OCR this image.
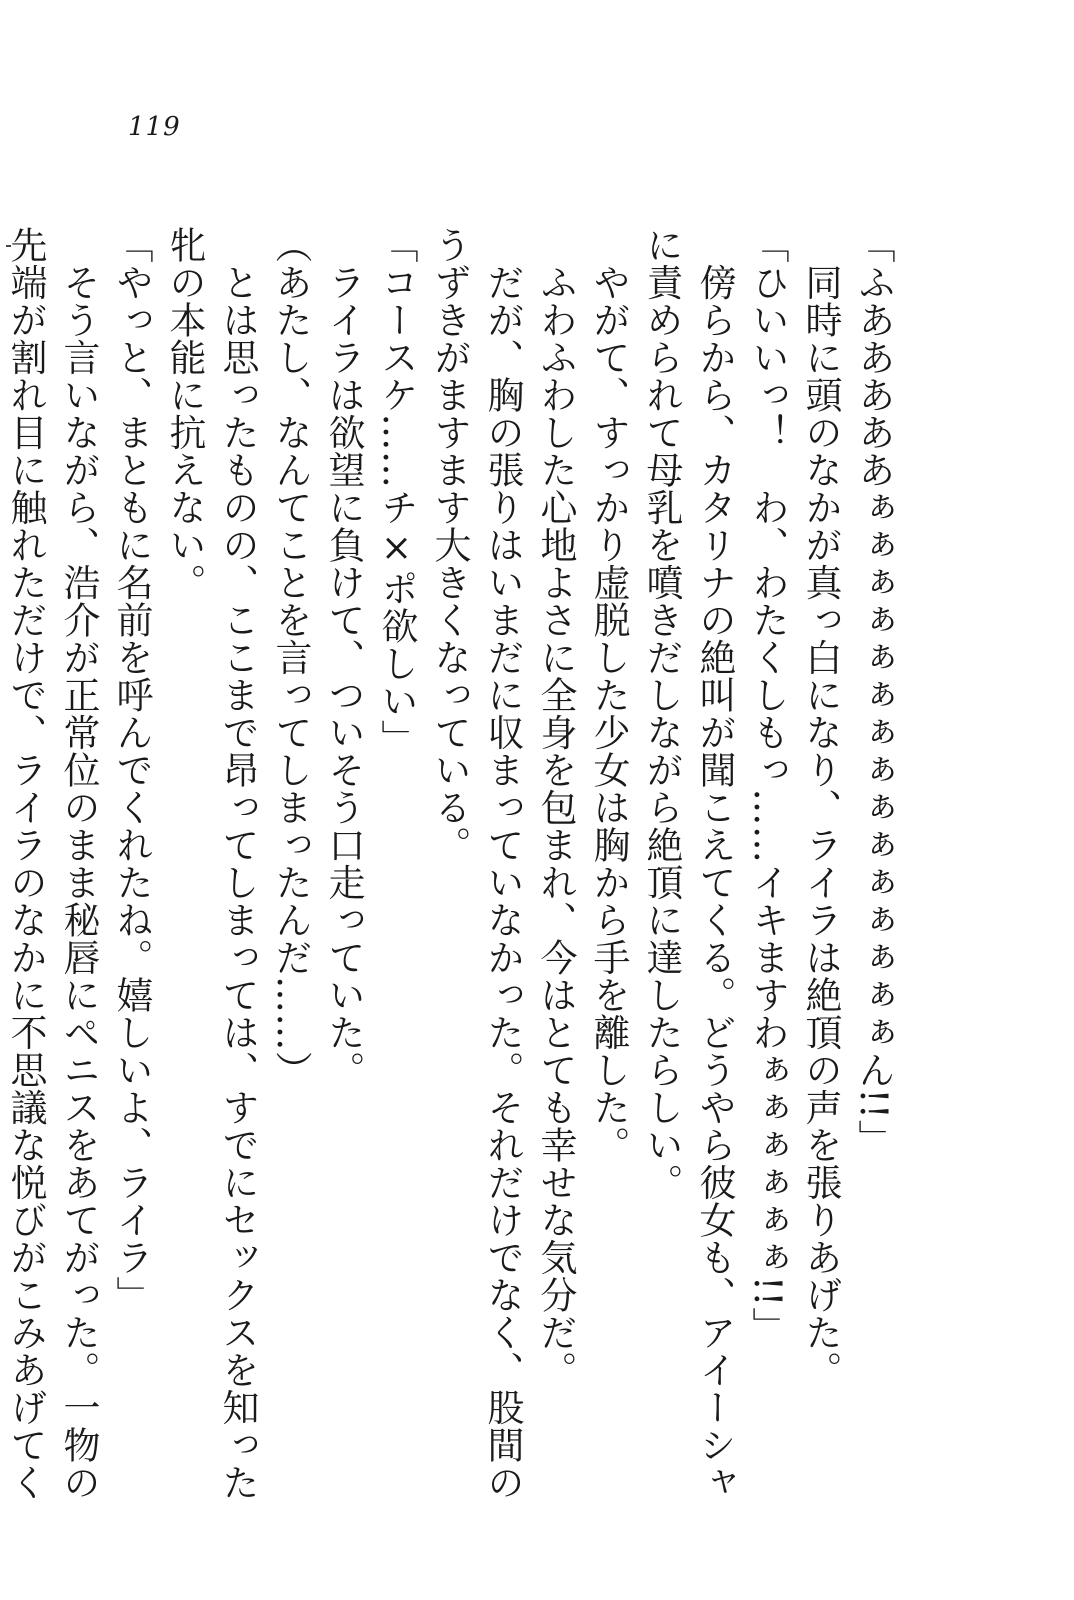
119

「ふあああああぁぁぁぁぁぁぁぁぁぁぁぁぁぁぁん!!」

　同時に頭のなかが真っ白になり、ライラは絶頂の声を張りあげた。

「ひいいっ！　わ、わたくしもっ……イキますわぁぁぁぁぁぁ!!」

　傍らから、カタリナの絶叫が聞こえてくる。どうやら彼女も、アイーシャに責められて母乳を噴きだしながら絶頂に達したらしい。

　やがて、すっかり虚脱した少女は胸から手を離した。

　ふわふわした心地よさに全身を包まれ、今はとても幸せな気分だ。

　だが、胸の張りはいまだに収まっていなかった。それだけでなく、股間のうずきがますます大きくなっている。

「コースケ……チ×ポ欲しい」

　ライラは欲望に負けて、ついそう口走っていた。

（あたし、なんてことを言ってしまったんだ……）

　とは思ったものの、ここまで昂ってしまっては、すでにセックスを知った牝の本能に抗えない。

「やっと、まともに名前を呼んでくれたね。嬉しいよ、ライラ」

　そう言いながら、浩介が正常位のまま秘唇にペニスをあてがった。一物の先端が割れ目に触れただけで、ライラのなかに不思議な悦びがこみあげてく
